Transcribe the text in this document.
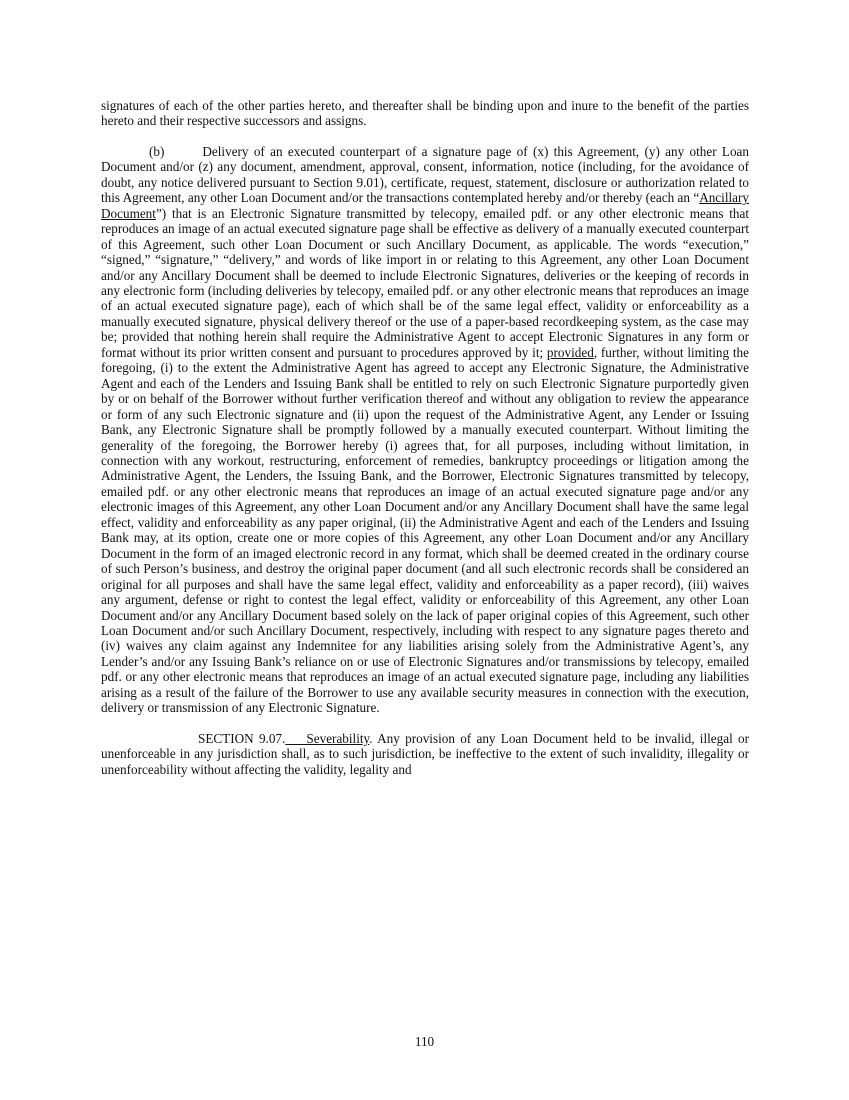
signatures of each of the other parties hereto, and thereafter shall be binding upon and inure to the benefit of the parties hereto and their respective successors and assigns.

(b)	Delivery of an executed counterpart of a signature page of (x) this Agreement, (y) any other Loan Document and/or (z) any document, amendment, approval, consent, information, notice (including, for the avoidance of doubt, any notice delivered pursuant to Section 9.01), certificate, request, statement, disclosure or authorization related to this Agreement, any other Loan Document and/or the transactions contemplated hereby and/or thereby (each an “Ancillary Document”) that is an Electronic Signature transmitted by telecopy, emailed pdf. or any other electronic means that reproduces an image of an actual executed signature page shall be effective as delivery of a manually executed counterpart of this Agreement, such other Loan Document or such Ancillary Document, as applicable. The words “execution,” “signed,” “signature,” “delivery,” and words of like import in or relating to this Agreement, any other Loan Document and/or any Ancillary Document shall be deemed to include Electronic Signatures, deliveries or the keeping of records in any electronic form (including deliveries by telecopy, emailed pdf. or any other electronic means that reproduces an image of an actual executed signature page), each of which shall be of the same legal effect, validity or enforceability as a manually executed signature, physical delivery thereof or the use of a paper-based recordkeeping system, as the case may be; provided that nothing herein shall require the Administrative Agent to accept Electronic Signatures in any form or format without its prior written consent and pursuant to procedures approved by it; provided, further, without limiting the foregoing, (i) to the extent the Administrative Agent has agreed to accept any Electronic Signature, the Administrative Agent and each of the Lenders and Issuing Bank shall be entitled to rely on such Electronic Signature purportedly given by or on behalf of the Borrower without further verification thereof and without any obligation to review the appearance or form of any such Electronic signature and (ii) upon the request of the Administrative Agent, any Lender or Issuing Bank, any Electronic Signature shall be promptly followed by a manually executed counterpart. Without limiting the generality of the foregoing, the Borrower hereby (i) agrees that, for all purposes, including without limitation, in connection with any workout, restructuring, enforcement of remedies, bankruptcy proceedings or litigation among the Administrative Agent, the Lenders, the Issuing Bank, and the Borrower, Electronic Signatures transmitted by telecopy, emailed pdf. or any other electronic means that reproduces an image of an actual executed signature page and/or any electronic images of this Agreement, any other Loan Document and/or any Ancillary Document shall have the same legal effect, validity and enforceability as any paper original, (ii) the Administrative Agent and each of the Lenders and Issuing Bank may, at its option, create one or more copies of this Agreement, any other Loan Document and/or any Ancillary Document in the form of an imaged electronic record in any format, which shall be deemed created in the ordinary course of such Person’s business, and destroy the original paper document (and all such electronic records shall be considered an original for all purposes and shall have the same legal effect, validity and enforceability as a paper record), (iii) waives any argument, defense or right to contest the legal effect, validity or enforceability of this Agreement, any other Loan Document and/or any Ancillary Document based solely on the lack of paper original copies of this Agreement, such other Loan Document and/or such Ancillary Document, respectively, including with respect to any signature pages thereto and (iv) waives any claim against any Indemnitee for any liabilities arising solely from the Administrative Agent’s, any Lender’s and/or any Issuing Bank’s reliance on or use of Electronic Signatures and/or transmissions by telecopy, emailed pdf. or any other electronic means that reproduces an image of an actual executed signature page, including any liabilities arising as a result of the failure of the Borrower to use any available security measures in connection with the execution, delivery or transmission of any Electronic Signature.

SECTION 9.07. Severability. Any provision of any Loan Document held to be invalid, illegal or unenforceable in any jurisdiction shall, as to such jurisdiction, be ineffective to the extent of such invalidity, illegality or unenforceability without affecting the validity, legality and

110
